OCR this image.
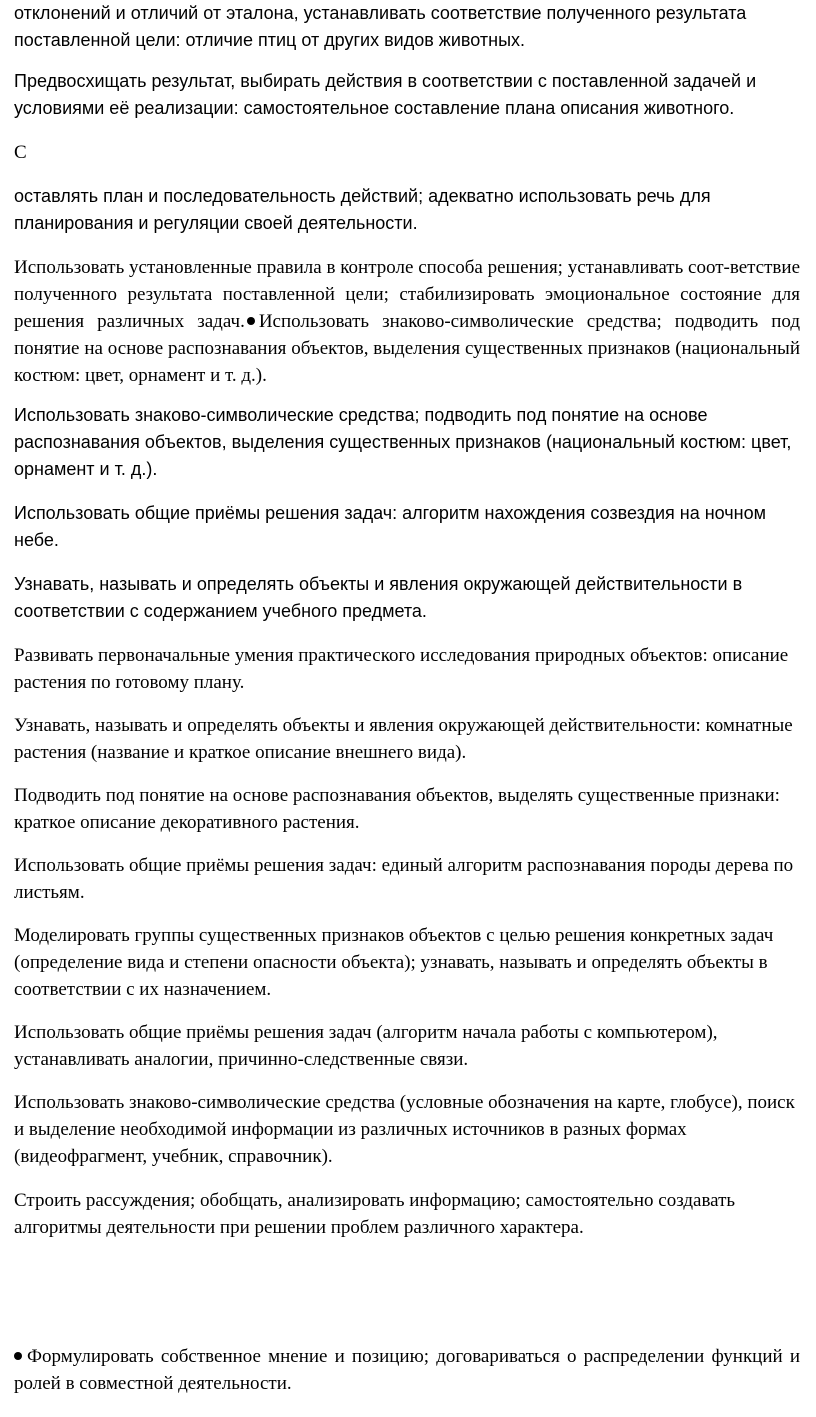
отклонений и отличий от эталона, устанавливать соответствие полученного результата поставленной цели: отличие птиц от других видов животных.

Предвосхищать результат, выбирать действия в соответствии с поставленной задачей и условиями её реализации: самостоятельное составление плана описания животного.

С

оставлять план и последовательность действий; адекватно использовать речь для планирования и регуляции своей деятельности.

Использовать установленные правила в контроле способа решения; устанавливать соот-ветствие полученного результата поставленной цели; стабилизировать эмоциональное состояние для решения различных задач. Использовать знаково-символические средства; подводить под понятие на основе распознавания объектов, выделения существенных признаков (национальный костюм: цвет, орнамент и т. д.).

Использовать знаково-символические средства; подводить под понятие на основе распознавания объектов, выделения существенных признаков (национальный костюм: цвет, орнамент и т. д.).

Использовать общие приёмы решения задач: алгоритм нахождения созвездия на ночном небе.

Узнавать, называть и определять объекты и явления окружающей действительности в соответствии с содержанием учебного предмета.

Развивать первоначальные умения практического исследования природных объектов: описание растения по готовому плану.

Узнавать, называть и определять объекты и явления окружающей действительности: комнатные растения (название и краткое описание внешнего вида).

Подводить под понятие на основе распознавания объектов, выделять существенные признаки: краткое описание декоративного растения.

Использовать общие приёмы решения задач: единый алгоритм распознавания породы дерева по листьям.

Моделировать группы существенных признаков объектов с целью решения конкретных задач (определение вида и степени опасности объекта); узнавать, называть и определять объекты в соответствии с их назначением.

Использовать общие приёмы решения задач (алгоритм начала работы с компьютером), устанавливать аналогии, причинно-следственные связи.

Использовать знаково-символические средства (условные обозначения на карте, глобусе), поиск и выделение необходимой информации из различных источников в разных формах (видеофрагмент, учебник, справочник).

Строить рассуждения; обобщать, анализировать информацию; самостоятельно создавать алгоритмы деятельности при решении проблем различного характера.

Формулировать собственное мнение и позицию; договариваться о распределении функций и ролей в совместной деятельности.
